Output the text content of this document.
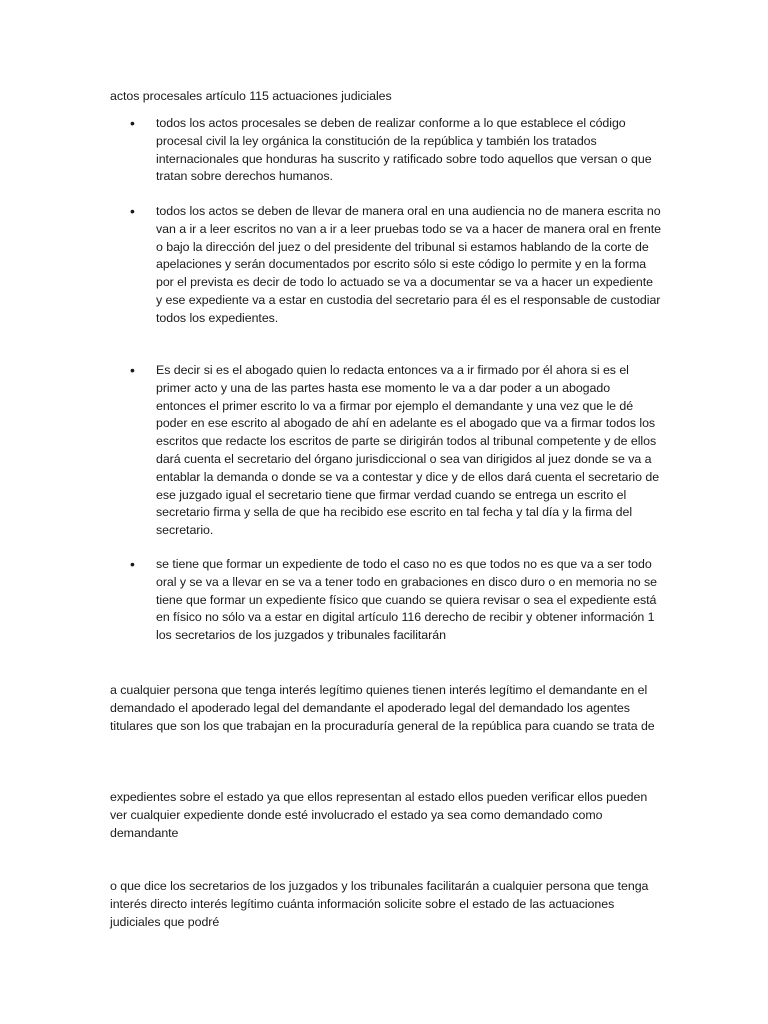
actos procesales artículo 115 actuaciones judiciales

• todos los actos procesales se deben de realizar conforme a lo que establece el código procesal civil la ley orgánica la constitución de la república y también los tratados internacionales que honduras ha suscrito y ratificado sobre todo aquellos que versan o que tratan sobre derechos humanos.

• todos los actos se deben de llevar de manera oral en una audiencia no de manera escrita no van a ir a leer escritos no van a ir a leer pruebas todo se va a hacer de manera oral en frente o bajo la dirección del juez o del presidente del tribunal si estamos hablando de la corte de apelaciones y serán documentados por escrito sólo si este código lo permite y en la forma por el prevista es decir de todo lo actuado se va a documentar se va a hacer un expediente y ese expediente va a estar en custodia del secretario para él es el responsable de custodiar todos los expedientes.

• Es decir si es el abogado quien lo redacta entonces va a ir firmado por él ahora si es el primer acto y una de las partes hasta ese momento le va a dar poder a un abogado entonces el primer escrito lo va a firmar por ejemplo el demandante y una vez que le dé poder en ese escrito al abogado de ahí en adelante es el abogado que va a firmar todos los escritos que redacte los escritos de parte se dirigirán todos al tribunal competente y de ellos dará cuenta el secretario del órgano jurisdiccional o sea van dirigidos al juez donde se va a entablar la demanda o donde se va a contestar y dice y de ellos dará cuenta el secretario de ese juzgado igual el secretario tiene que firmar verdad cuando se entrega un escrito el secretario firma y sella de que ha recibido ese escrito en tal fecha y tal día y la firma del secretario.

• se tiene que formar un expediente de todo el caso no es que todos no es que va a ser todo oral y se va a llevar en se va a tener todo en grabaciones en disco duro o en memoria no se tiene que formar un expediente físico que cuando se quiera revisar o sea el expediente está en físico no sólo va a estar en digital artículo 116 derecho de recibir y obtener información 1 los secretarios de los juzgados y tribunales facilitarán

a cualquier persona que tenga interés legítimo quienes tienen interés legítimo el demandante en el demandado el apoderado legal del demandante el apoderado legal del demandado los agentes titulares que son los que trabajan en la procuraduría general de la república para cuando se trata de

expedientes sobre el estado ya que ellos representan al estado ellos pueden verificar ellos pueden ver cualquier expediente donde esté involucrado el estado ya sea como demandado como demandante

o que dice los secretarios de los juzgados y los tribunales facilitarán a cualquier persona que tenga interés directo interés legítimo cuánta información solicite sobre el estado de las actuaciones judiciales que podré
